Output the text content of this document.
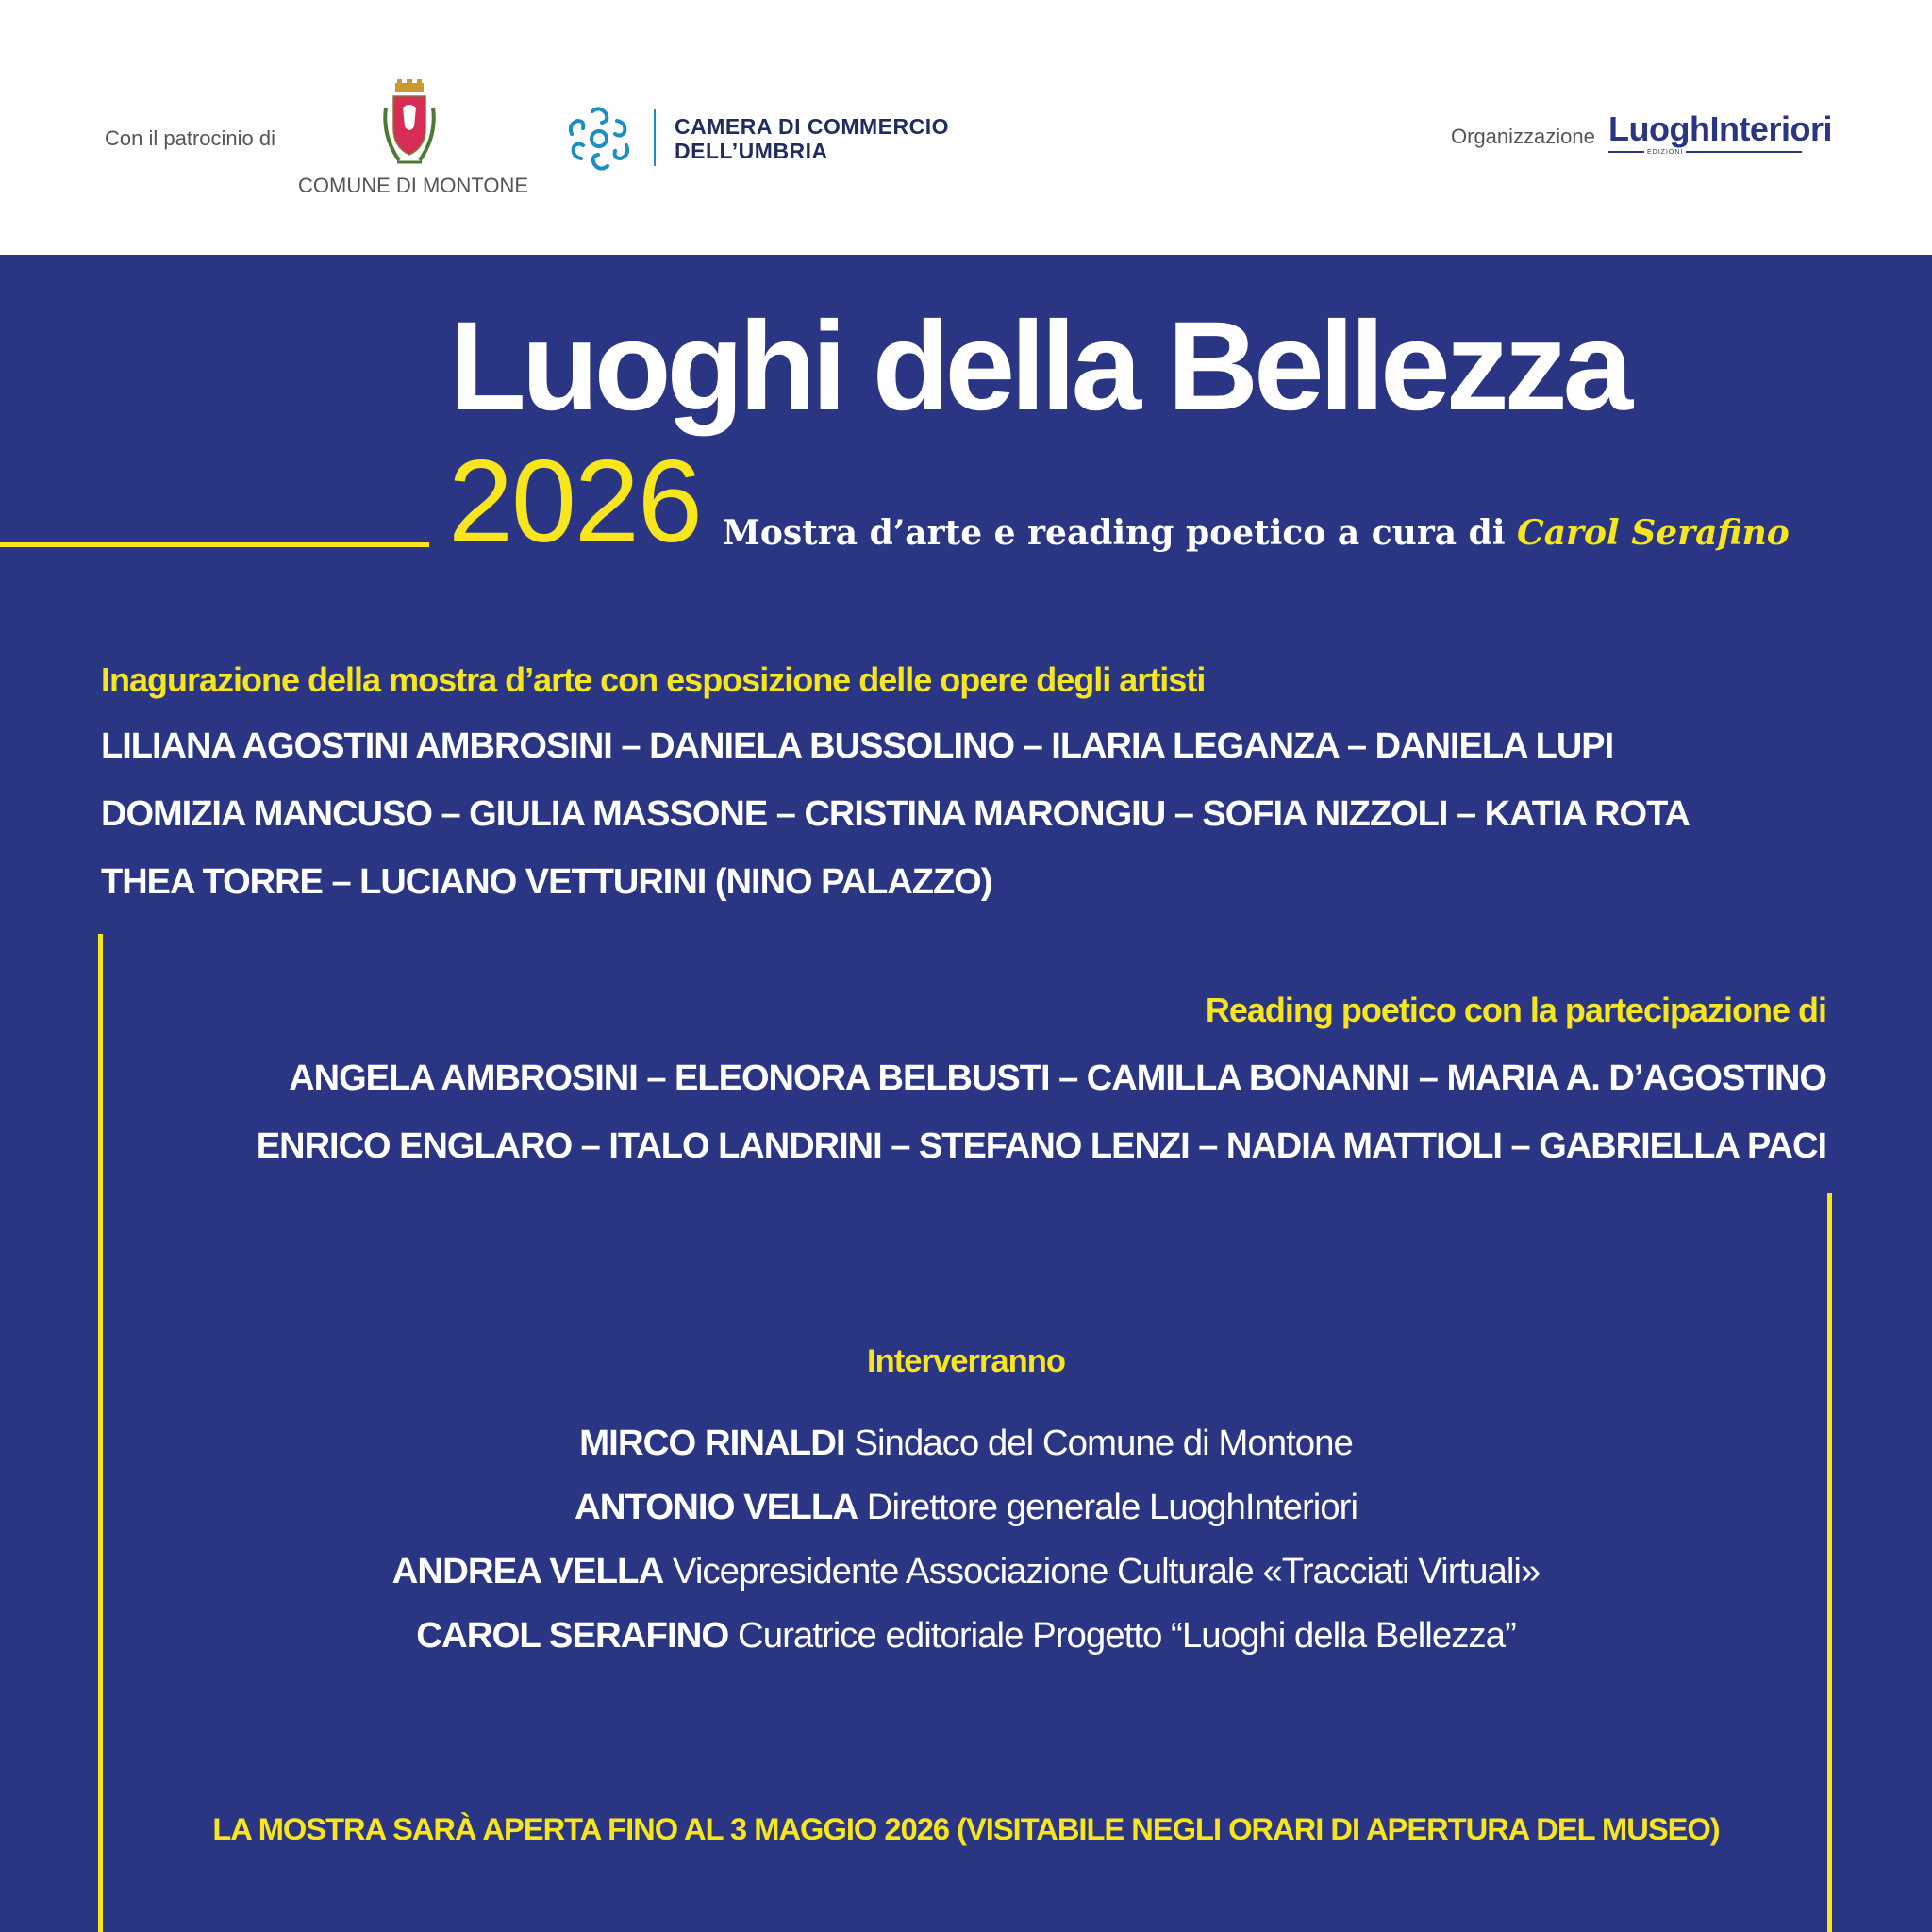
Con il patrocinio di
COMUNE DI MONTONE
CAMERA DI COMMERCIO
DELL’UMBRIA
Organizzazione LuoghInteriori
EDIZIONI
Luoghi della Bellezza
2026 Mostra d’arte e reading poetico a cura di Carol Serafino
Inagurazione della mostra d’arte con esposizione delle opere degli artisti
LILIANA AGOSTINI AMBROSINI – DANIELA BUSSOLINO – ILARIA LEGANZA – DANIELA LUPI
DOMIZIA MANCUSO – GIULIA MASSONE – CRISTINA MARONGIU – SOFIA NIZZOLI – KATIA ROTA
THEA TORRE – LUCIANO VETTURINI (NINO PALAZZO)
Reading poetico con la partecipazione di
ANGELA AMBROSINI – ELEONORA BELBUSTI – CAMILLA BONANNI – MARIA A. D’AGOSTINO
ENRICO ENGLARO – ITALO LANDRINI – STEFANO LENZI – NADIA MATTIOLI – GABRIELLA PACI
Interverranno
MIRCO RINALDI Sindaco del Comune di Montone
ANTONIO VELLA Direttore generale LuoghInteriori
ANDREA VELLA Vicepresidente Associazione Culturale «Tracciati Virtuali»
CAROL SERAFINO Curatrice editoriale Progetto “Luoghi della Bellezza”
LA MOSTRA SARÀ APERTA FINO AL 3 MAGGIO 2026 (VISITABILE NEGLI ORARI DI APERTURA DEL MUSEO)
